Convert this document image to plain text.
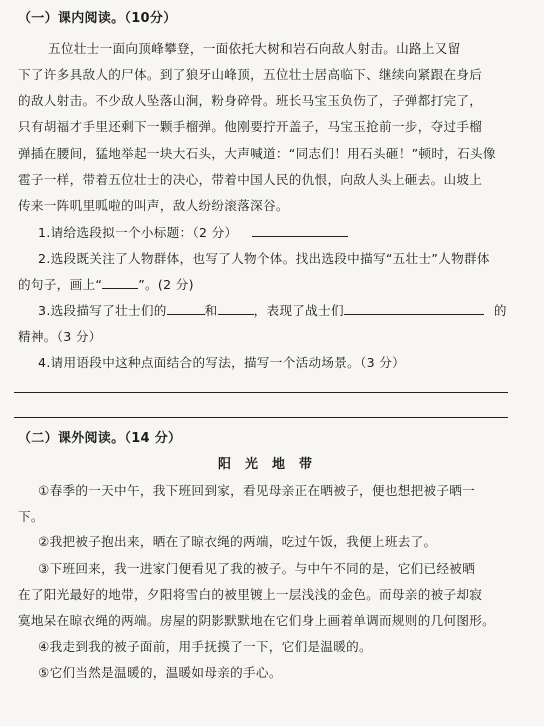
（一）课内阅读。（10分）
五位壮士一面向顶峰攀登，一面依托大树和岩石向敌人射击。山路上又留
下了许多具敌人的尸体。到了狼牙山峰顶，五位壮士居高临下、继续向紧跟在身后
的敌人射击。不少敌人坠落山涧，粉身碎骨。班长马宝玉负伤了，子弹都打完了，
只有胡福才手里还剩下一颗手榴弹。他刚要拧开盖子，马宝玉抢前一步，夺过手榴
弹插在腰间，猛地举起一块大石头，大声喊道：“同志们！用石头砸！”顿时，石头像
雹子一样，带着五位壮士的决心，带着中国人民的仇恨，向敌人头上砸去。山坡上
传来一阵叽里呱啦的叫声，敌人纷纷滚落深谷。
1.请给选段拟一个小标题：（2 分）
2.选段既关注了人物群体，也写了人物个体。找出选段中描写“五壮士”人物群体
的句子，画上“	”。(2 分)
3.选段描写了壮士们的	和	，表现了战士们	的
精神。（3 分）
4.请用语段中这种点面结合的写法，描写一个活动场景。（3 分）
（二）课外阅读。（14 分）
阳光地带
①春季的一天中午，我下班回到家，看见母亲正在晒被子，便也想把被子晒一
下。
②我把被子抱出来，晒在了晾衣绳的两端，吃过午饭，我便上班去了。
③下班回来，我一进家门便看见了我的被子。与中午不同的是，它们已经被晒
在了阳光最好的地带，夕阳将雪白的被里镀上一层浅浅的金色。而母亲的被子却寂
寞地呆在晾衣绳的两端。房屋的阴影默默地在它们身上画着单调而规则的几何图形。
④我走到我的被子面前，用手抚摸了一下，它们是温暖的。
⑤它们当然是温暖的，温暖如母亲的手心。
